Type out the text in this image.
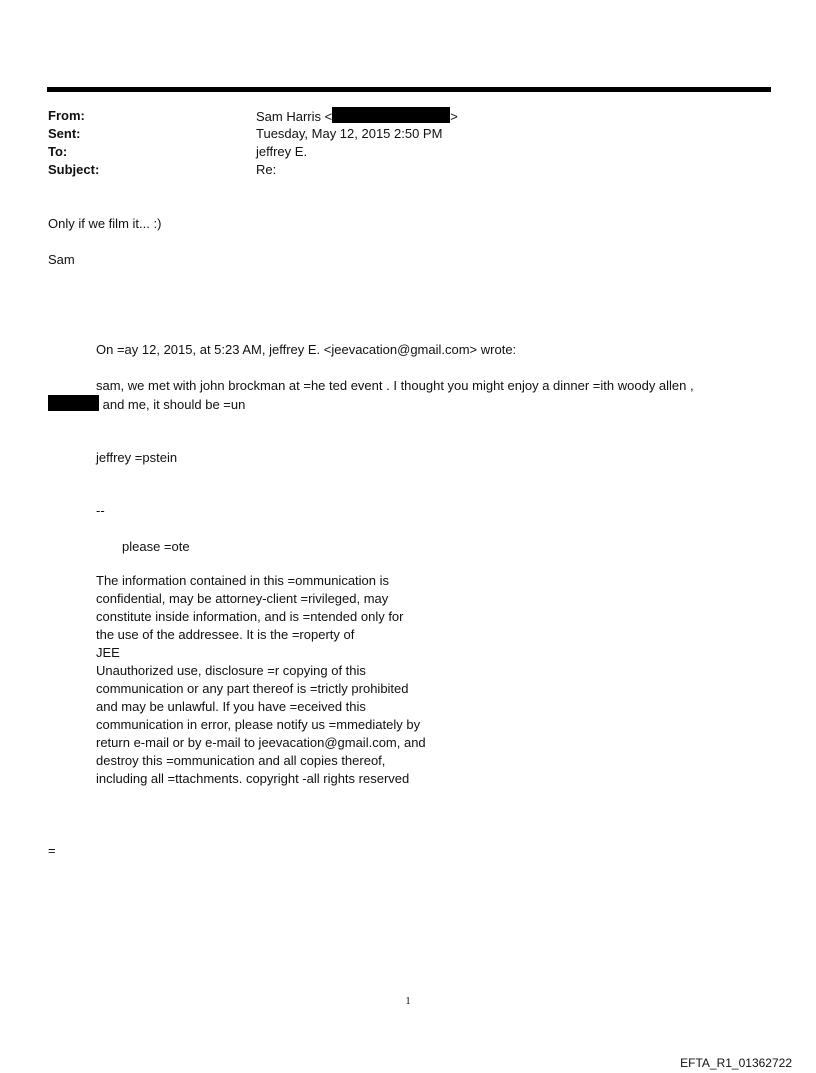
From:	Sam Harris <	>
Sent:	Tuesday, May 12, 2015 2:50 PM
To:	jeffrey E.
Subject:	Re:
Only if we film it... :)
Sam
On =ay 12, 2015, at 5:23 AM, jeffrey E. <jeevacation@gmail.com> wrote:
sam, we met with john brockman at =he ted event . I thought you might enjoy a dinner =ith woody allen ,
and me, it should be =un
jeffrey =pstein
--
please =ote
The information contained in this =ommunication is
confidential, may be attorney-client =rivileged, may
constitute inside information, and is =ntended only for
the use of the addressee. It is the =roperty of
JEE
Unauthorized use, disclosure =r copying of this
communication or any part thereof is =trictly prohibited
and may be unlawful. If you have =eceived this
communication in error, please notify us =mmediately by
return e-mail or by e-mail to jeevacation@gmail.com, and
destroy this =ommunication and all copies thereof,
including all =ttachments. copyright -all rights reserved
=
1
EFTA_R1_01362722
